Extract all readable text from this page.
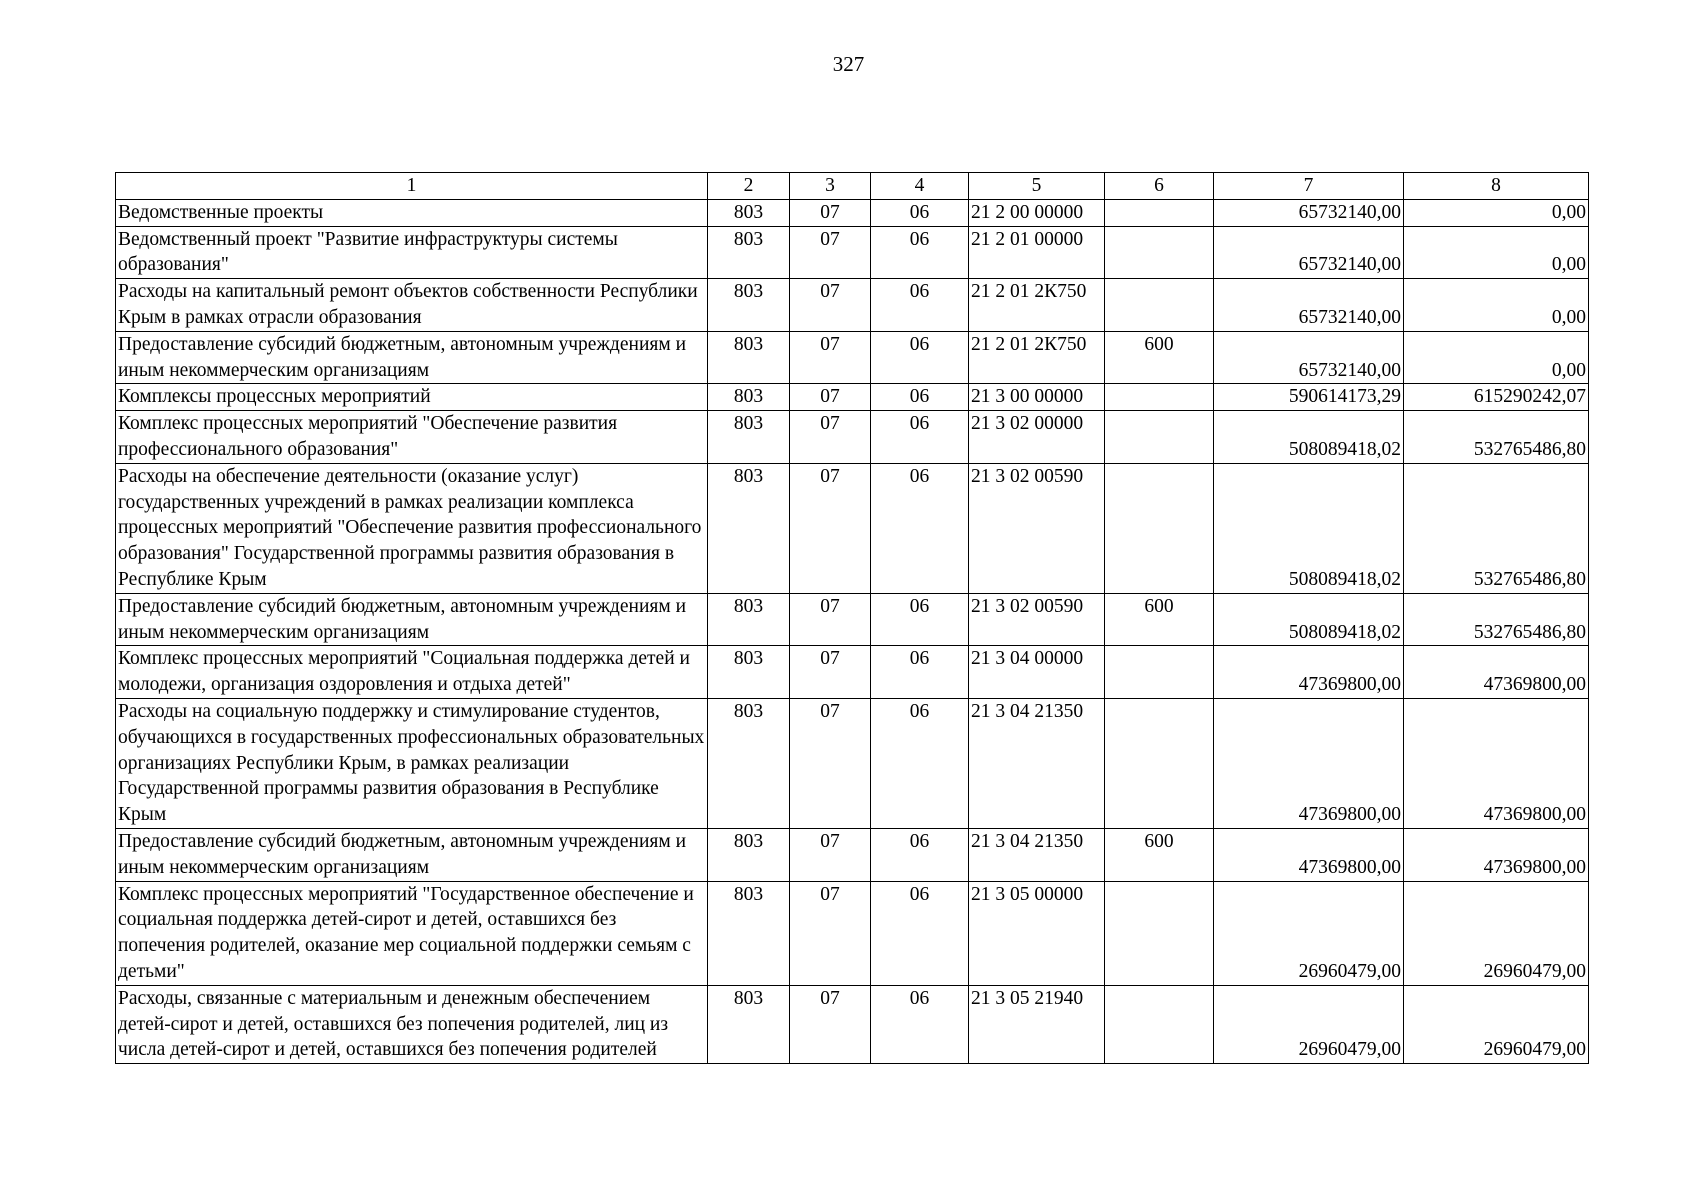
327
1	2	3	4	5	6	7	8
Ведомственные проекты	803	07	06	21 2 00 00000		65732140,00	0,00
Ведомственный проект "Развитие инфраструктуры системы образования"	803	07	06	21 2 01 00000		65732140,00	0,00
Расходы на капитальный ремонт объектов собственности Республики Крым в рамках отрасли образования	803	07	06	21 2 01 2К750		65732140,00	0,00
Предоставление субсидий бюджетным, автономным учреждениям и иным некоммерческим организациям	803	07	06	21 2 01 2К750	600	65732140,00	0,00
Комплексы процессных мероприятий	803	07	06	21 3 00 00000		590614173,29	615290242,07
Комплекс процессных мероприятий "Обеспечение развития профессионального образования"	803	07	06	21 3 02 00000		508089418,02	532765486,80
Расходы на обеспечение деятельности (оказание услуг) государственных учреждений в рамках реализации комплекса процессных мероприятий "Обеспечение развития профессионального образования" Государственной программы развития образования в Республике Крым	803	07	06	21 3 02 00590		508089418,02	532765486,80
Предоставление субсидий бюджетным, автономным учреждениям и иным некоммерческим организациям	803	07	06	21 3 02 00590	600	508089418,02	532765486,80
Комплекс процессных мероприятий "Социальная поддержка детей и молодежи, организация оздоровления и отдыха детей"	803	07	06	21 3 04 00000		47369800,00	47369800,00
Расходы на социальную поддержку и стимулирование студентов, обучающихся в государственных профессиональных образовательных организациях Республики Крым, в рамках реализации Государственной программы развития образования в Республике Крым	803	07	06	21 3 04 21350		47369800,00	47369800,00
Предоставление субсидий бюджетным, автономным учреждениям и иным некоммерческим организациям	803	07	06	21 3 04 21350	600	47369800,00	47369800,00
Комплекс процессных мероприятий "Государственное обеспечение и социальная поддержка детей-сирот и детей, оставшихся без попечения родителей, оказание мер социальной поддержки семьям с детьми"	803	07	06	21 3 05 00000		26960479,00	26960479,00
Расходы, связанные с материальным и денежным обеспечением детей-сирот и детей, оставшихся без попечения родителей, лиц из числа детей-сирот и детей, оставшихся без попечения родителей	803	07	06	21 3 05 21940		26960479,00	26960479,00
